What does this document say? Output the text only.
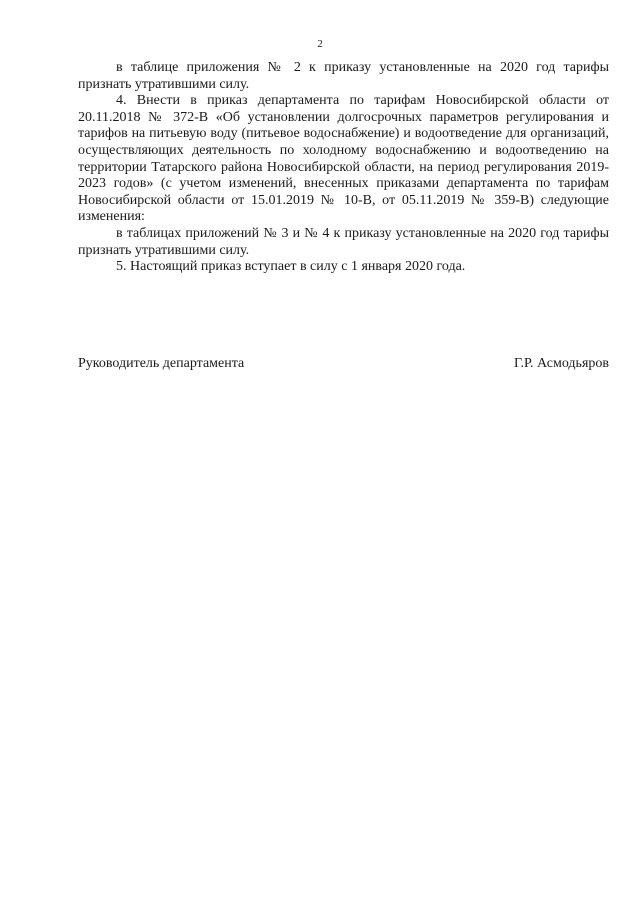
2

в таблице приложения № 2 к приказу установленные на 2020 год тарифы признать утратившими силу.

4. Внести в приказ департамента по тарифам Новосибирской области от 20.11.2018 № 372-В «Об установлении долгосрочных параметров регулирования и тарифов на питьевую воду (питьевое водоснабжение) и водоотведение для организаций, осуществляющих деятельность по холодному водоснабжению и водоотведению на территории Татарского района Новосибирской области, на период регулирования 2019-2023 годов» (с учетом изменений, внесенных приказами департамента по тарифам Новосибирской области от 15.01.2019 № 10-В, от 05.11.2019 № 359-В) следующие изменения:

в таблицах приложений № 3 и № 4 к приказу установленные на 2020 год тарифы признать утратившими силу.

5. Настоящий приказ вступает в силу с 1 января 2020 года.

Руководитель департамента	Г.Р. Асмодьяров
